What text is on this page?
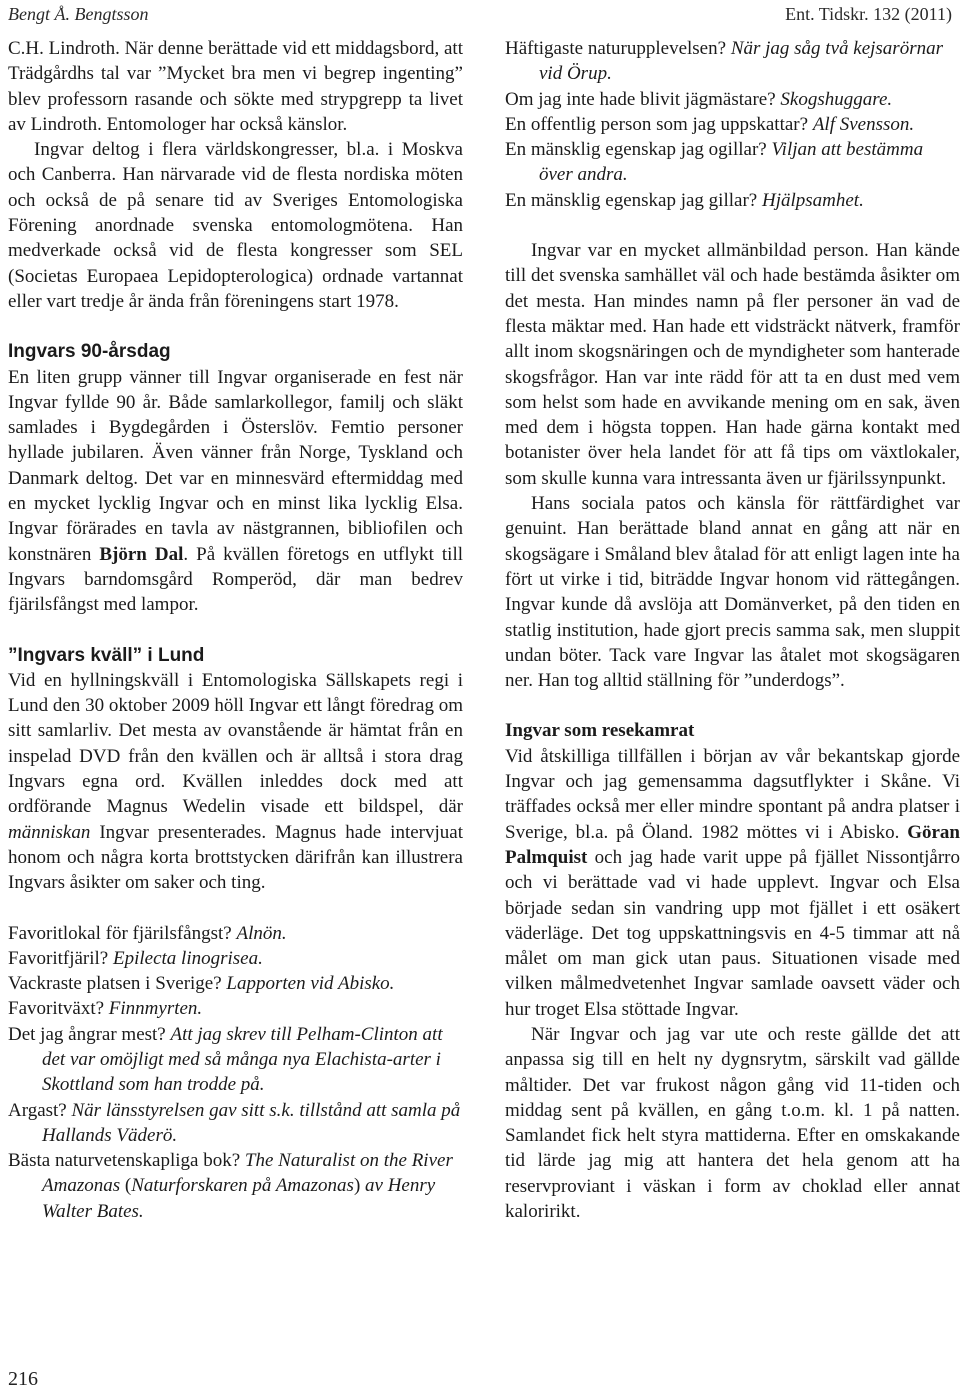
Bengt Å. Bengtsson	Ent. Tidskr. 132 (2011)

C.H. Lindroth. När denne berättade vid ett middagsbord, att Trädgårdhs tal var ”Mycket bra men vi begrep ingenting” blev professorn rasande och sökte med strypgrepp ta livet av Lindroth. Entomologer har också känslor.

Ingvar deltog i flera världskongresser, bl.a. i Moskva och Canberra. Han närvarade vid de flesta nordiska möten och också de på senare tid av Sveriges Entomologiska Förening anordnade svenska entomologmötena. Han medverkade också vid de flesta kongresser som SEL (Societas Europaea Lepidopterologica) ordnade vartannat eller vart tredje år ända från föreningens start 1978.

Ingvars 90-årsdag

En liten grupp vänner till Ingvar organiserade en fest när Ingvar fyllde 90 år. Både samlarkollegor, familj och släkt samlades i Bygdegården i Österslöv. Femtio personer hyllade jubilaren. Även vänner från Norge, Tyskland och Danmark deltog. Det var en minnesvärd eftermiddag med en mycket lycklig Ingvar och en minst lika lycklig Elsa. Ingvar förärades en tavla av nästgrannen, bibliofilen och konstnären Björn Dal. På kvällen företogs en utflykt till Ingvars barndomsgård Romperöd, där man bedrev fjärilsfångst med lampor.

”Ingvars kväll” i Lund

Vid en hyllningskväll i Entomologiska Sällskapets regi i Lund den 30 oktober 2009 höll Ingvar ett långt föredrag om sitt samlarliv. Det mesta av ovanstående är hämtat från en inspelad DVD från den kvällen och är alltså i stora drag Ingvars egna ord. Kvällen inleddes dock med att ordförande Magnus Wedelin visade ett bildspel, där människan Ingvar presenterades. Magnus hade intervjuat honom och några korta brottstycken därifrån kan illustrera Ingvars åsikter om saker och ting.

Favoritlokal för fjärilsfångst? Alnön.

Favoritfjäril? Epilecta linogrisea.

Vackraste platsen i Sverige? Lapporten vid Abisko.

Favoritväxt? Finnmyrten.

Det jag ångrar mest? Att jag skrev till Pelham-Clinton att det var omöjligt med så många nya Elachista-arter i Skottland som han trodde på.

Argast? När länsstyrelsen gav sitt s.k. tillstånd att samla på Hallands Väderö.

Bästa naturvetenskapliga bok? The Naturalist on the River Amazonas (Naturforskaren på Amazonas) av Henry Walter Bates.

Häftigaste naturupplevelsen? När jag såg två kejsarörnar vid Örup.

Om jag inte hade blivit jägmästare? Skogshuggare.

En offentlig person som jag uppskattar? Alf Svensson.

En mänsklig egenskap jag ogillar? Viljan att bestämma över andra.

En mänsklig egenskap jag gillar? Hjälpsamhet.

Ingvar var en mycket allmänbildad person. Han kände till det svenska samhället väl och hade bestämda åsikter om det mesta. Han mindes namn på fler personer än vad de flesta mäktar med. Han hade ett vidsträckt nätverk, framför allt inom skogsnäringen och de myndigheter som hanterade skogsfrågor. Han var inte rädd för att ta en dust med vem som helst som hade en avvikande mening om en sak, även med dem i högsta toppen. Han hade gärna kontakt med botanister över hela landet för att få tips om växtlokaler, som skulle kunna vara intressanta även ur fjärilssynpunkt.

Hans sociala patos och känsla för rättfärdighet var genuint. Han berättade bland annat en gång att när en skogsägare i Småland blev åtalad för att enligt lagen inte ha fört ut virke i tid, biträdde Ingvar honom vid rättegången. Ingvar kunde då avslöja att Domänverket, på den tiden en statlig institution, hade gjort precis samma sak, men sluppit undan böter. Tack vare Ingvar las åtalet mot skogsägaren ner. Han tog alltid ställning för ”underdogs”.

Ingvar som resekamrat

Vid åtskilliga tillfällen i början av vår bekantskap gjorde Ingvar och jag gemensamma dagsutflykter i Skåne. Vi träffades också mer eller mindre spontant på andra platser i Sverige, bl.a. på Öland. 1982 möttes vi i Abisko. Göran Palmquist och jag hade varit uppe på fjället Nissontjårro och vi berättade vad vi hade upplevt. Ingvar och Elsa började sedan sin vandring upp mot fjället i ett osäkert väderläge. Det tog uppskattningsvis en 4-5 timmar att nå målet om man gick utan paus. Situationen visade med vilken målmedvetenhet Ingvar samlade oavsett väder och hur troget Elsa stöttade Ingvar.

När Ingvar och jag var ute och reste gällde det att anpassa sig till en helt ny dygnsrytm, särskilt vad gällde måltider. Det var frukost någon gång vid 11-tiden och middag sent på kvällen, en gång t.o.m. kl. 1 på natten. Samlandet fick helt styra mattiderna. Efter en omskakande tid lärde jag mig att hantera det hela genom att ha reservproviant i väskan i form av choklad eller annat kaloririkt.

216
